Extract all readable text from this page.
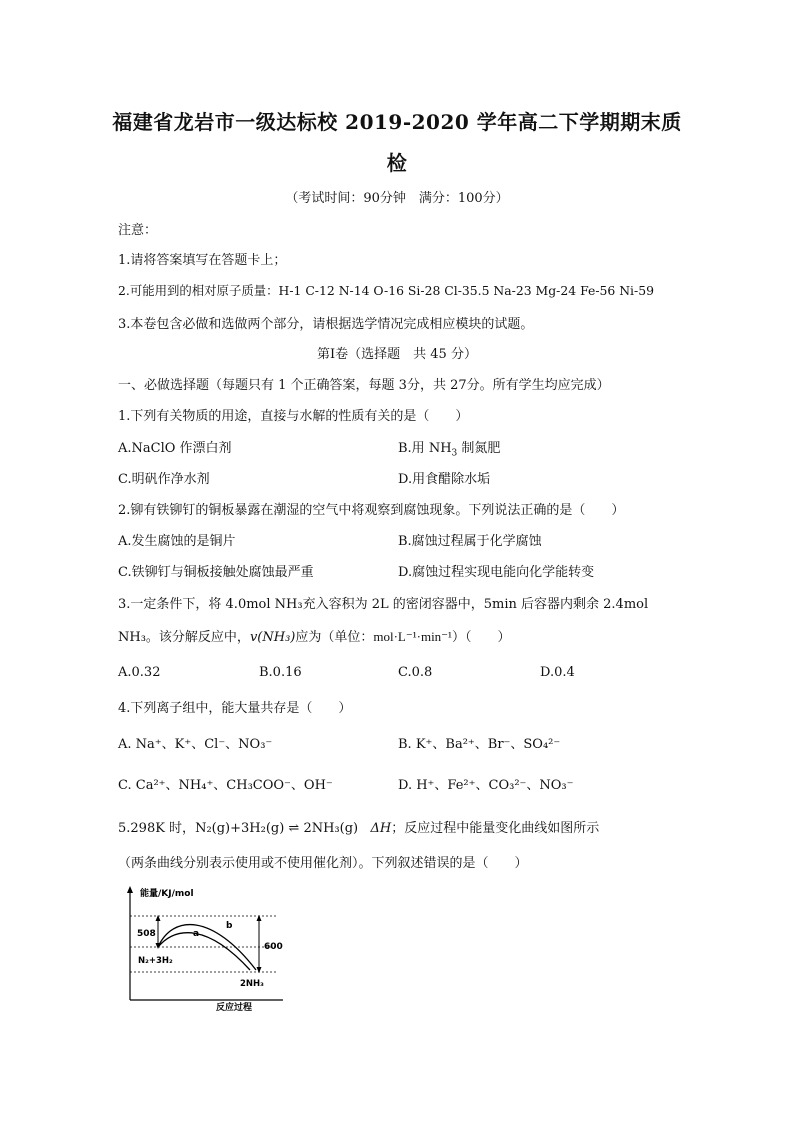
福建省龙岩市一级达标校 2019-2020 学年高二下学期期末质
检
（考试时间：90分钟　满分：100分）
注意：
1.请将答案填写在答题卡上；
2.可能用到的相对原子质量：H-1 C-12 N-14 O-16 Si-28 Cl-35.5 Na-23 Mg-24 Fe-56 Ni-59
3.本卷包含必做和选做两个部分，请根据选学情况完成相应模块的试题。
第Ⅰ卷（选择题　共 45 分）
一、必做选择题（每题只有 1 个正确答案，每题 3分，共 27分。所有学生均应完成）
1.下列有关物质的用途，直接与水解的性质有关的是（　　）
A.NaClO 作漂白剂	B.用 $NH_3$ 制氮肥
C.明矾作净水剂	D.用食醋除水垢
2.铆有铁铆钉的铜板暴露在潮湿的空气中将观察到腐蚀现象。下列说法正确的是（　　）
A.发生腐蚀的是铜片	B.腐蚀过程属于化学腐蚀
C.铁铆钉与铜板接触处腐蚀最严重	D.腐蚀过程实现电能向化学能转变
3.一定条件下，将 4.0mol NH₃充入容积为 2L 的密闭容器中，5min 后容器内剩余 2.4mol
NH₃。该分解反应中，v(NH₃)应为（单位：mol·L⁻¹·min⁻¹）（　　）
A.0.32	B.0.16	C.0.8	D.0.4
4.下列离子组中，能大量共存是（　　）
A. Na⁺、K⁺、Cl⁻、NO₃⁻	B. K⁺、Ba²⁺、Br⁻、SO₄²⁻
C. Ca²⁺、NH₄⁺、CH₃COO⁻、OH⁻	D. H⁺、Fe²⁺、CO₃²⁻、NO₃⁻
5.298K 时，N₂(g)+3H₂(g) ⇌ 2NH₃(g) ΔH；反应过程中能量变化曲线如图所示
（两条曲线分别表示使用或不使用催化剂）。下列叙述错误的是（　　）
能量/KJ/mol
反应过程
508
600
a
b
N₂+3H₂
2NH₃
